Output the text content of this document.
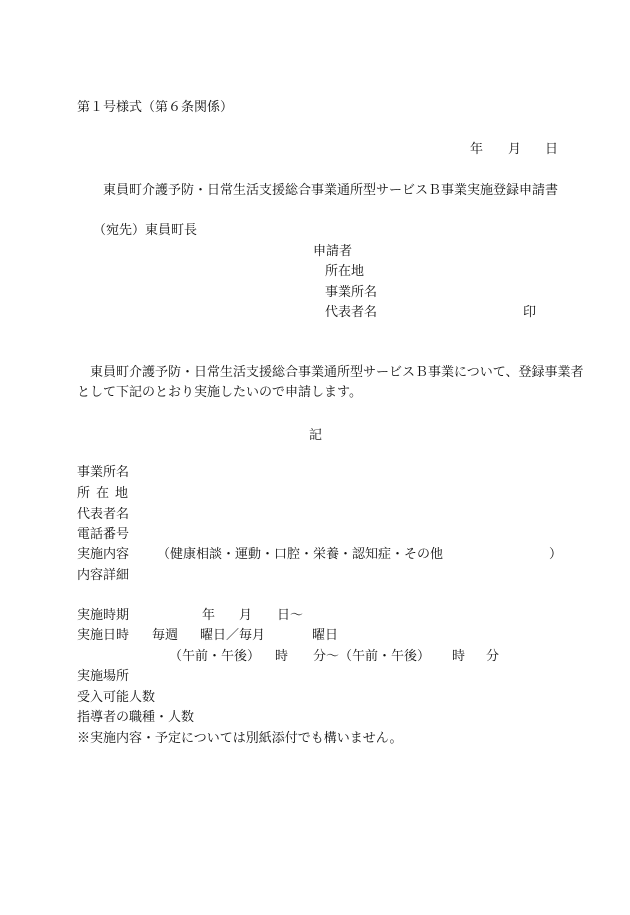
第１号様式（第６条関係）
年 月 日
東員町介護予防・日常生活支援総合事業通所型サービスＢ事業実施登録申請書
（宛先）東員町長
申請者
所在地
事業所名
代表者名	印
東員町介護予防・日常生活支援総合事業通所型サービスＢ事業について、登録事業者
として下記のとおり実施したいので申請します。
記
事業所名
所在地
代表者名
電話番号
実施内容 （健康相談・運動・口腔・栄養・認知症・その他	）
内容詳細
実施時期	年 月 日～
実施日時 毎週 曜日／毎月	曜日
（午前・午後） 時 分～（午前・午後） 時 分
実施場所
受入可能人数
指導者の職種・人数
※実施内容・予定については別紙添付でも構いません。
